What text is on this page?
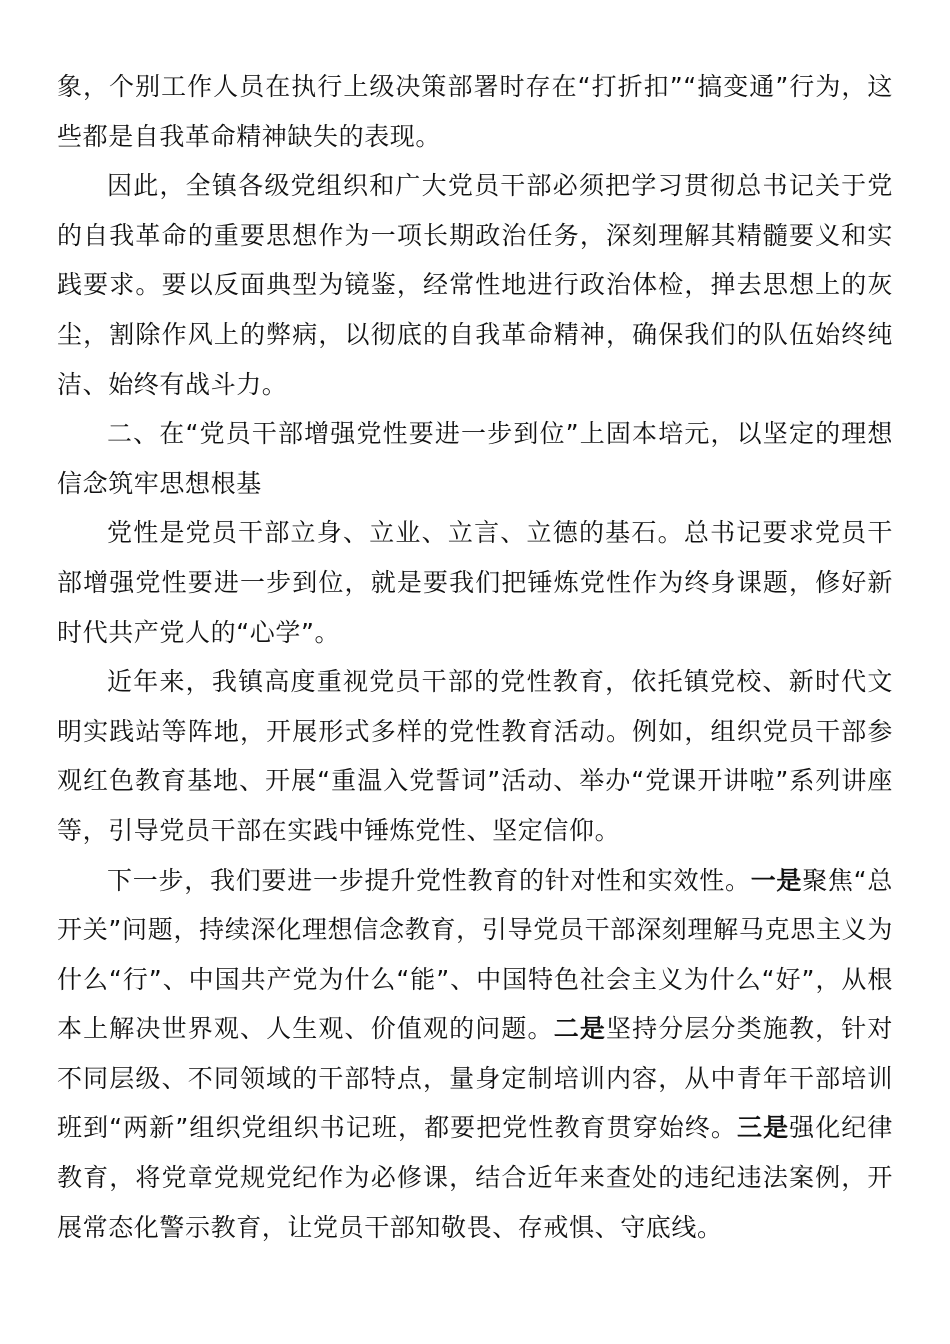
象，个别工作人员在执行上级决策部署时存在“打折扣”“搞变通”行为，这些都是自我革命精神缺失的表现。

因此，全镇各级党组织和广大党员干部必须把学习贯彻总书记关于党的自我革命的重要思想作为一项长期政治任务，深刻理解其精髓要义和实践要求。要以反面典型为镜鉴，经常性地进行政治体检，掸去思想上的灰尘，割除作风上的弊病，以彻底的自我革命精神，确保我们的队伍始终纯洁、始终有战斗力。

二、在“党员干部增强党性要进一步到位”上固本培元，以坚定的理想信念筑牢思想根基

党性是党员干部立身、立业、立言、立德的基石。总书记要求党员干部增强党性要进一步到位，就是要我们把锤炼党性作为终身课题，修好新时代共产党人的“心学”。

近年来，我镇高度重视党员干部的党性教育，依托镇党校、新时代文明实践站等阵地，开展形式多样的党性教育活动。例如，组织党员干部参观红色教育基地、开展“重温入党誓词”活动、举办“党课开讲啦”系列讲座等，引导党员干部在实践中锤炼党性、坚定信仰。

下一步，我们要进一步提升党性教育的针对性和实效性。一是聚焦“总开关”问题，持续深化理想信念教育，引导党员干部深刻理解马克思主义为什么“行”、中国共产党为什么“能”、中国特色社会主义为什么“好”，从根本上解决世界观、人生观、价值观的问题。二是坚持分层分类施教，针对不同层级、不同领域的干部特点，量身定制培训内容，从中青年干部培训班到“两新”组织党组织书记班，都要把党性教育贯穿始终。三是强化纪律教育，将党章党规党纪作为必修课，结合近年来查处的违纪违法案例，开展常态化警示教育，让党员干部知敬畏、存戒惧、守底线。
